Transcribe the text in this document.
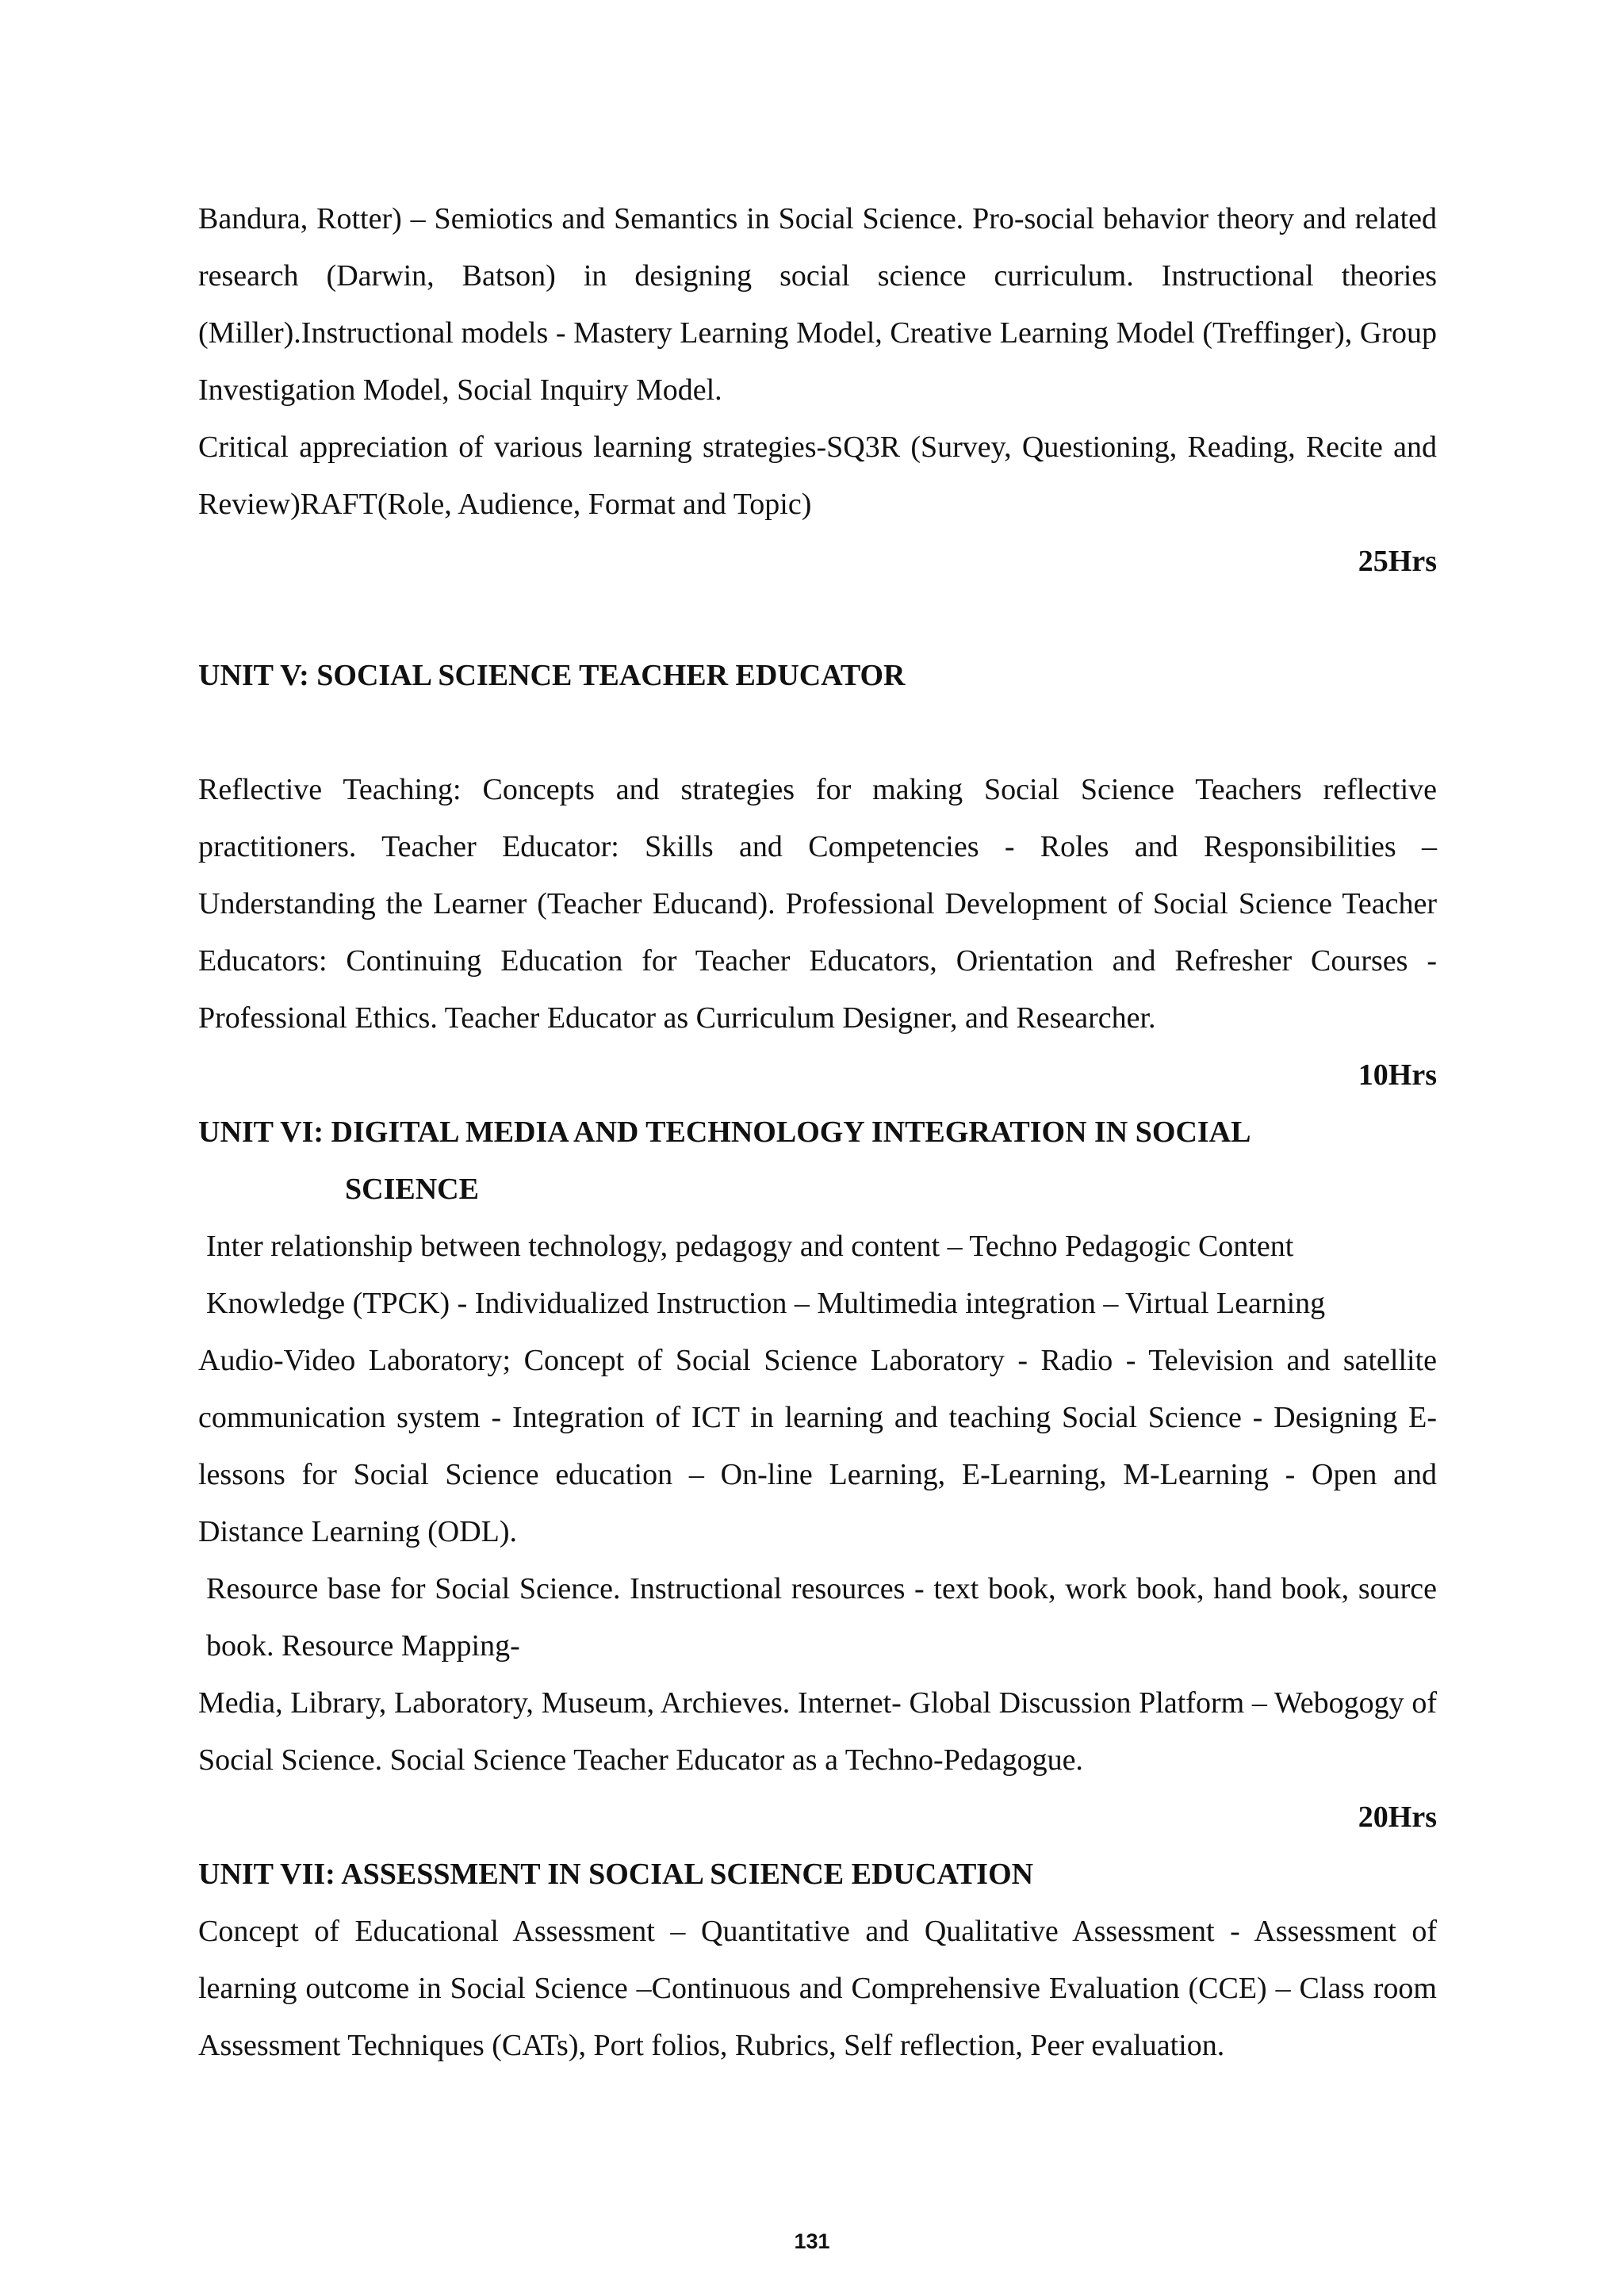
Bandura, Rotter) – Semiotics and Semantics in Social Science. Pro-social behavior theory and related research (Darwin, Batson) in designing social science curriculum. Instructional theories (Miller).Instructional models - Mastery Learning Model, Creative Learning Model (Treffinger), Group Investigation Model, Social Inquiry Model.

Critical appreciation of various learning strategies-SQ3R (Survey, Questioning, Reading, Recite and Review)RAFT(Role, Audience, Format and Topic)

25Hrs

UNIT V: SOCIAL SCIENCE TEACHER EDUCATOR

Reflective Teaching: Concepts and strategies for making Social Science Teachers reflective practitioners. Teacher Educator: Skills and Competencies - Roles and Responsibilities – Understanding the Learner (Teacher Educand). Professional Development of Social Science Teacher Educators: Continuing Education for Teacher Educators, Orientation and Refresher Courses - Professional Ethics. Teacher Educator as Curriculum Designer, and Researcher.

10Hrs

UNIT VI: DIGITAL MEDIA AND TECHNOLOGY INTEGRATION IN SOCIAL
SCIENCE

Inter relationship between technology, pedagogy and content – Techno Pedagogic Content

Knowledge (TPCK) - Individualized Instruction – Multimedia integration – Virtual Learning

Audio-Video Laboratory; Concept of Social Science Laboratory - Radio - Television and satellite communication system - Integration of ICT in learning and teaching Social Science - Designing E-lessons for Social Science education – On-line Learning, E-Learning, M-Learning - Open and Distance Learning (ODL).

Resource base for Social Science. Instructional resources - text book, work book, hand book, source book. Resource Mapping-

Media, Library, Laboratory, Museum, Archieves. Internet- Global Discussion Platform – Webogogy of Social Science. Social Science Teacher Educator as a Techno-Pedagogue.

20Hrs

UNIT VII: ASSESSMENT IN SOCIAL SCIENCE EDUCATION

Concept of Educational Assessment – Quantitative and Qualitative Assessment - Assessment of learning outcome in Social Science –Continuous and Comprehensive Evaluation (CCE) – Class room Assessment Techniques (CATs), Port folios, Rubrics, Self reflection, Peer evaluation.

131
